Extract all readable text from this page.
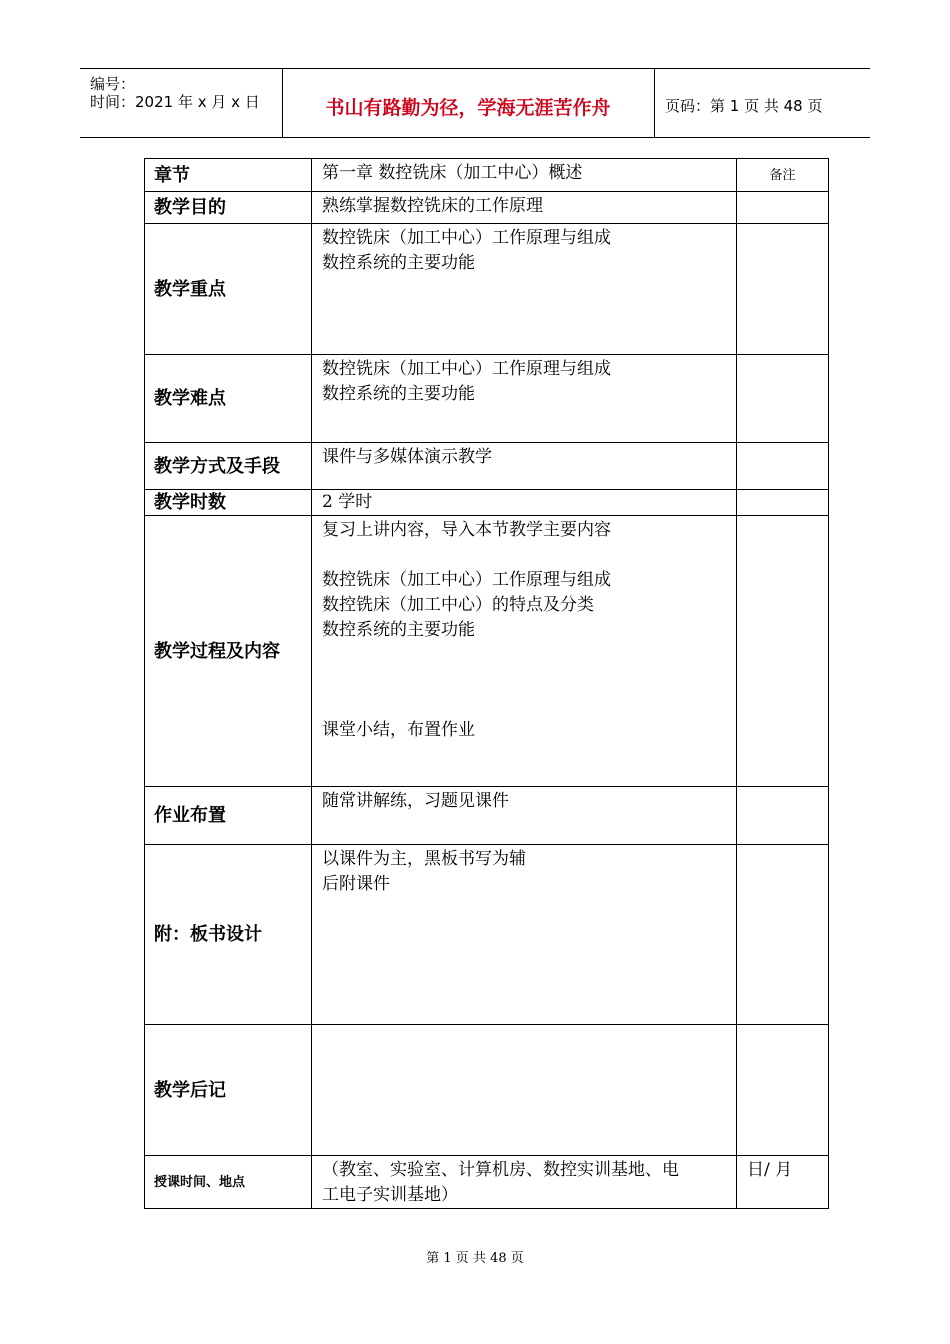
编号：
时间：2021 年 x 月 x 日	书山有路勤为径，学海无涯苦作舟	页码：第 1 页 共 48 页
章节	第一章 数控铣床（加工中心）概述	备注
教学目的	熟练掌握数控铣床的工作原理	

教学重点	数控铣床（加工中心）工作原理与组成
数控系统的主要功能	

教学难点	数控铣床（加工中心）工作原理与组成
数控系统的主要功能	

教学方式及手段	课件与多媒体演示教学	

教学时数	2 学时	

教学过程及内容	复习上讲内容，导入本节教学主要内容
数控铣床（加工中心）工作原理与组成
数控铣床（加工中心）的特点及分类
数控系统的主要功能
课堂小结，布置作业	

作业布置	随常讲解练，习题见课件	

附：板书设计	以课件为主，黑板书写为辅
后附课件	

教学后记		
授课时间、地点	（教室、实验室、计算机房、数控实训基地、电
工电子实训基地）	日/ 月
第 1 页 共 48 页
